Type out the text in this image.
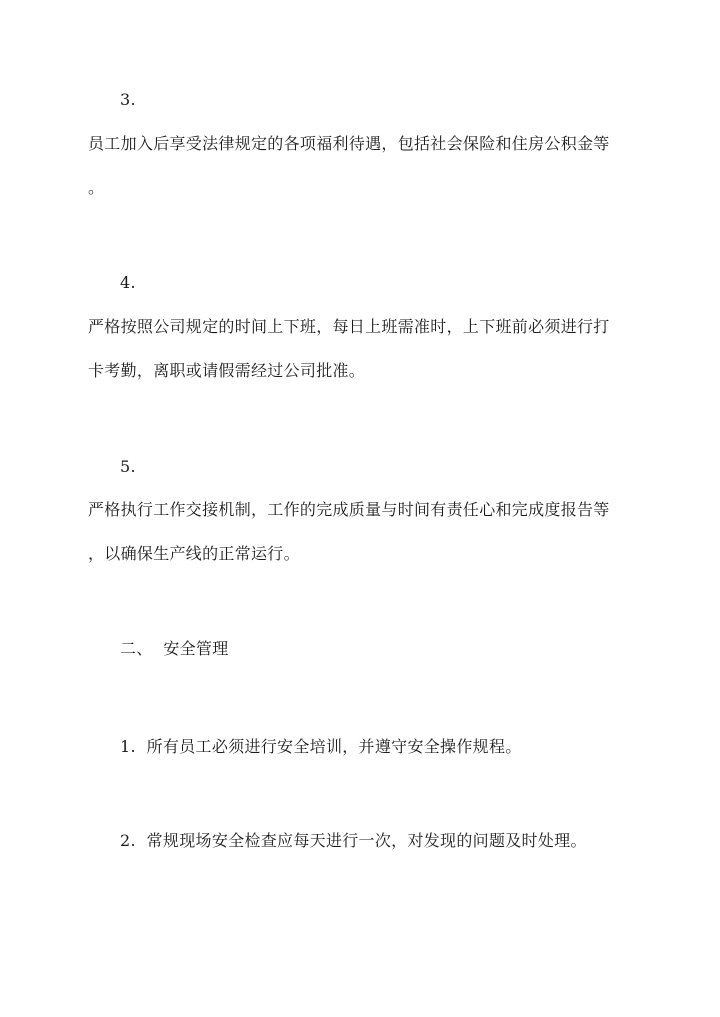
3.
员工加入后享受法律规定的各项福利待遇，包括社会保险和住房公积金等
。
4.
严格按照公司规定的时间上下班，每日上班需准时，上下班前必须进行打
卡考勤，离职或请假需经过公司批准。
5.
严格执行工作交接机制，工作的完成质量与时间有责任心和完成度报告等
，以确保生产线的正常运行。
二、  安全管理
1.  所有员工必须进行安全培训，并遵守安全操作规程。
2.  常规现场安全检查应每天进行一次，对发现的问题及时处理。
